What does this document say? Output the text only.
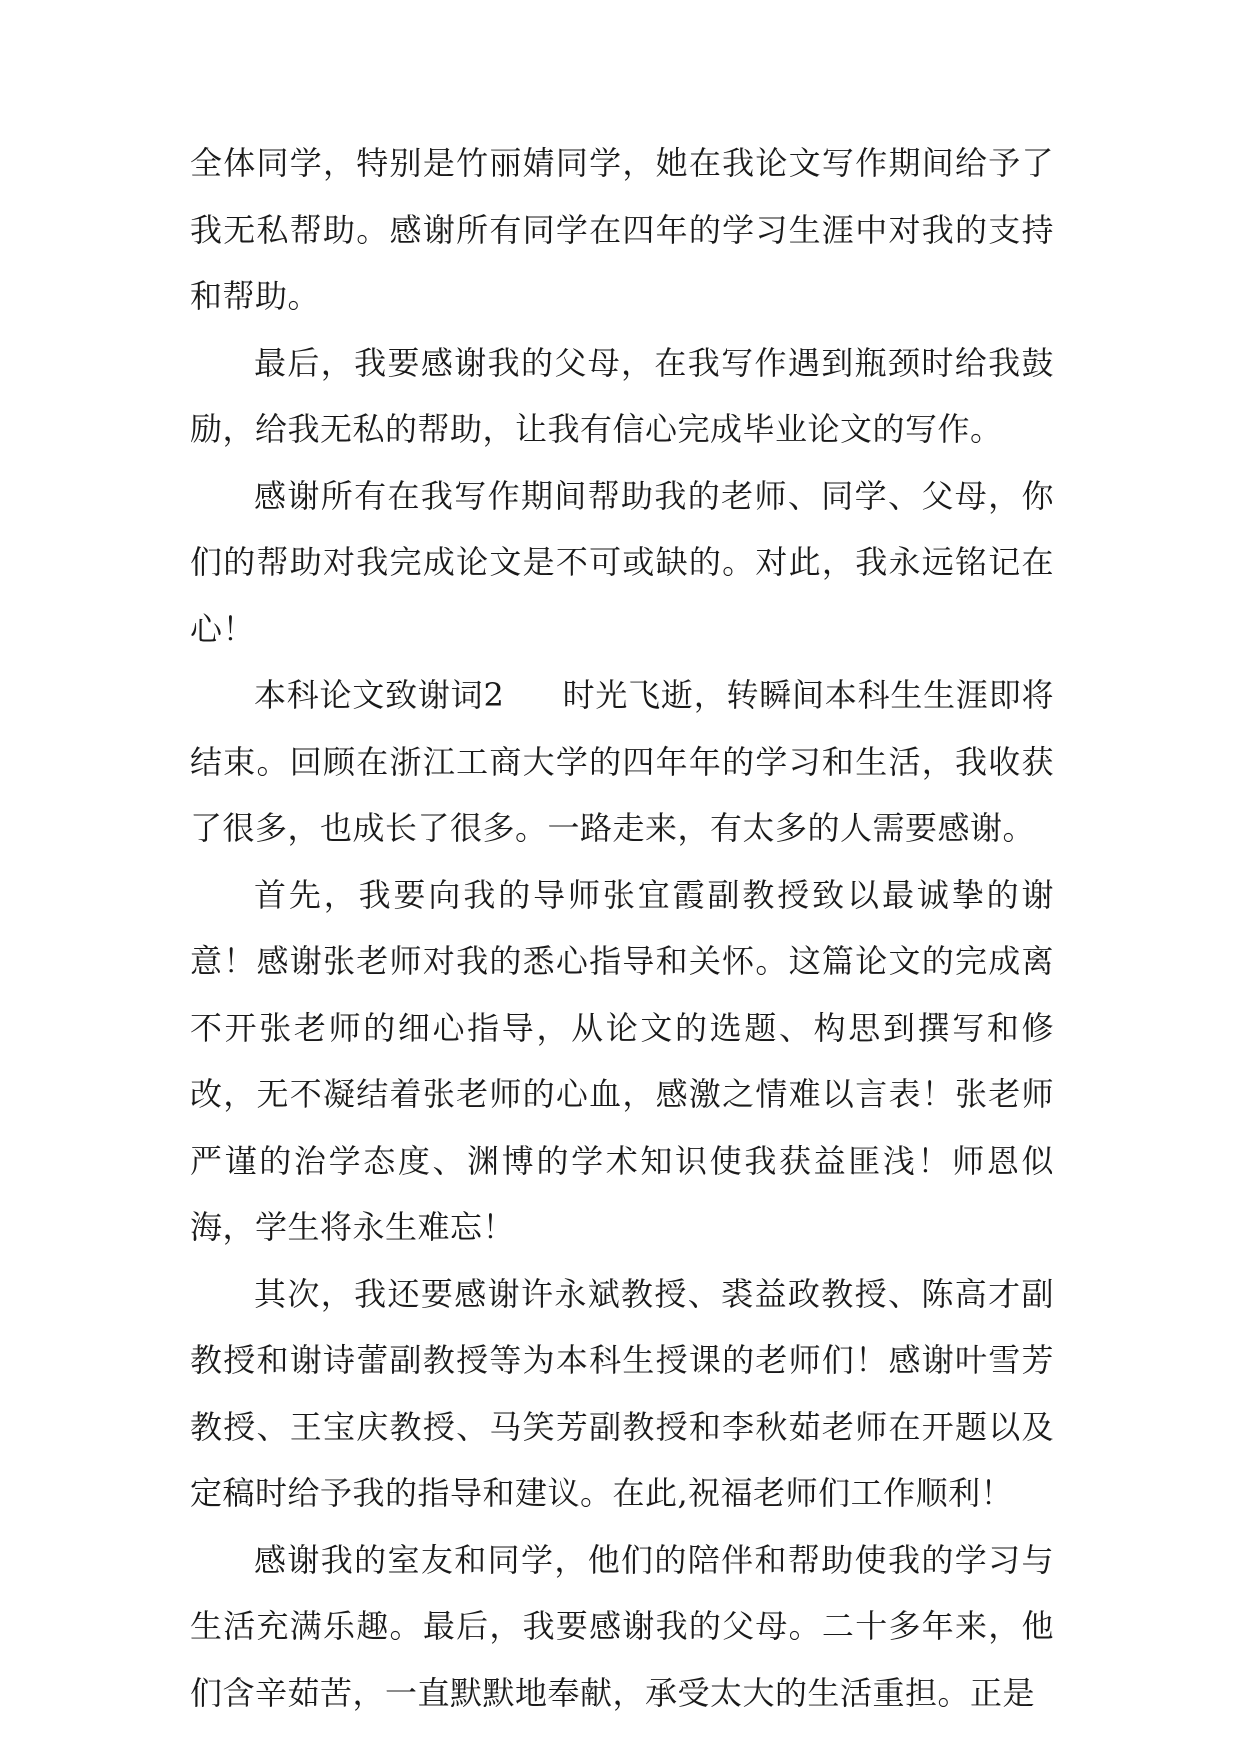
全体同学，特别是竹丽婧同学，她在我论文写作期间给予了我无私帮助。感谢所有同学在四年的学习生涯中对我的支持和帮助。

最后，我要感谢我的父母，在我写作遇到瓶颈时给我鼓励，给我无私的帮助，让我有信心完成毕业论文的写作。

感谢所有在我写作期间帮助我的老师、同学、父母，你们的帮助对我完成论文是不可或缺的。对此，我永远铭记在心！

本科论文致谢词2 时光飞逝，转瞬间本科生生涯即将结束。回顾在浙江工商大学的四年年的学习和生活，我收获了很多，也成长了很多。一路走来，有太多的人需要感谢。

首先，我要向我的导师张宜霞副教授致以最诚挚的谢意！感谢张老师对我的悉心指导和关怀。这篇论文的完成离不开张老师的细心指导，从论文的选题、构思到撰写和修改，无不凝结着张老师的心血，感激之情难以言表！张老师严谨的治学态度、渊博的学术知识使我获益匪浅！师恩似海，学生将永生难忘！

其次，我还要感谢许永斌教授、裘益政教授、陈高才副教授和谢诗蕾副教授等为本科生授课的老师们！感谢叶雪芳教授、王宝庆教授、马笑芳副教授和李秋茹老师在开题以及定稿时给予我的指导和建议。在此,祝福老师们工作顺利！

感谢我的室友和同学，他们的陪伴和帮助使我的学习与生活充满乐趣。最后，我要感谢我的父母。二十多年来，他们含辛茹苦，一直默默地奉献，承受太大的生活重担。正是
